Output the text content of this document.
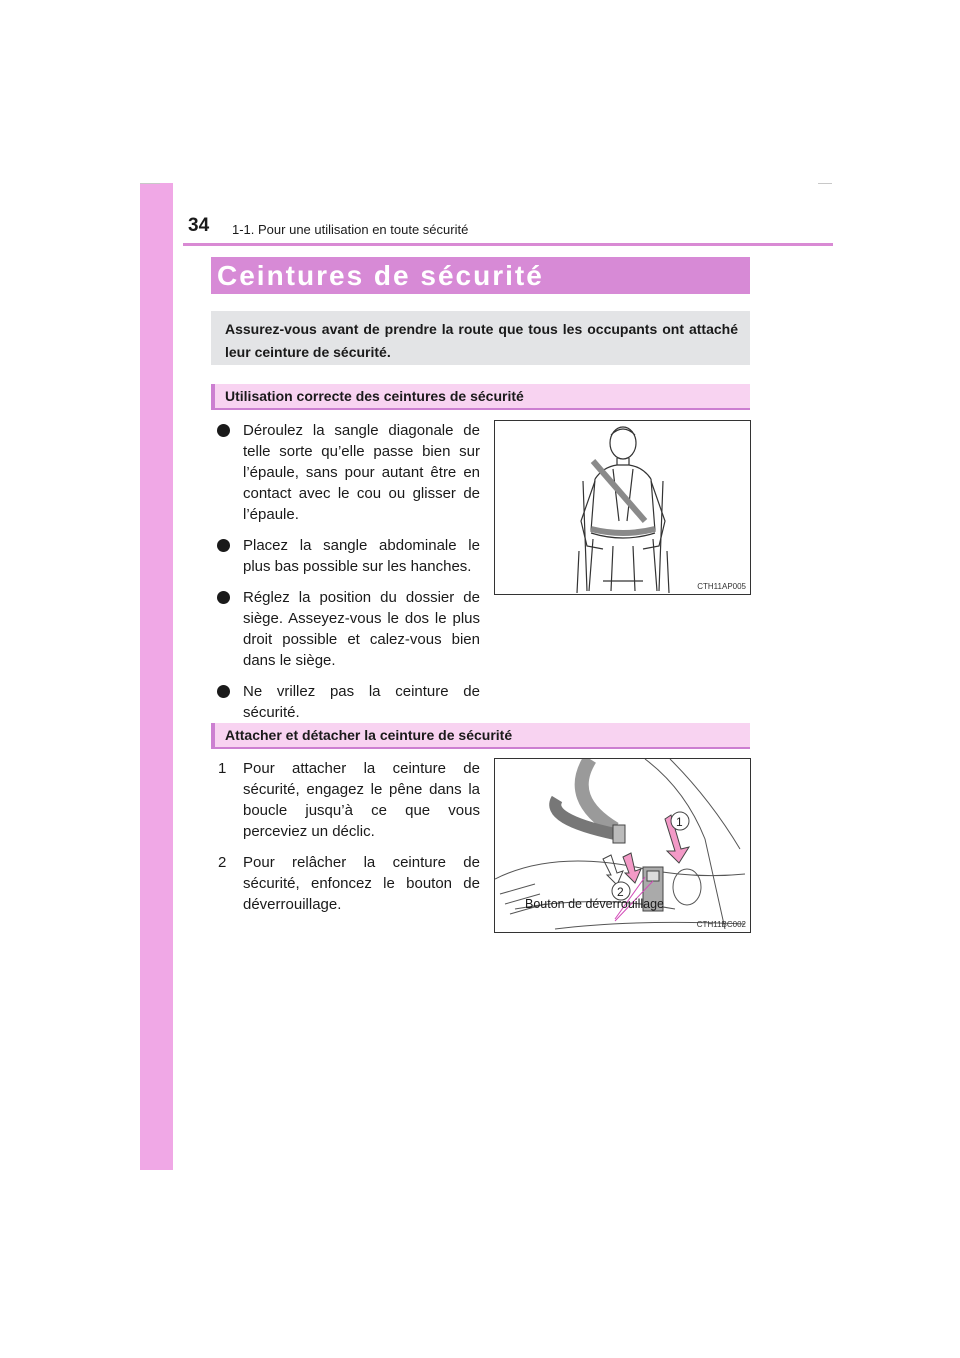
34 1-1. Pour une utilisation en toute sécurité
Ceintures de sécurité
Assurez-vous avant de prendre la route que tous les occupants ont attaché leur ceinture de sécurité.
Utilisation correcte des ceintures de sécurité
Déroulez la sangle diagonale de telle sorte qu’elle passe bien sur l’épaule, sans pour autant être en contact avec le cou ou glisser de l’épaule.
Placez la sangle abdominale le plus bas possible sur les hanches.
Réglez la position du dossier de siège. Asseyez-vous le dos le plus droit possible et calez-vous bien dans le siège.
Ne vrillez pas la ceinture de sécurité.
CTH11AP005
Attacher et détacher la ceinture de sécurité
1 Pour attacher la ceinture de sécurité, engagez le pêne dans la boucle jusqu’à ce que vous perceviez un déclic.
2 Pour relâcher la ceinture de sécurité, enfoncez le bouton de déverrouillage.
1
2
Bouton de déverrouillage
CTH11BC002
